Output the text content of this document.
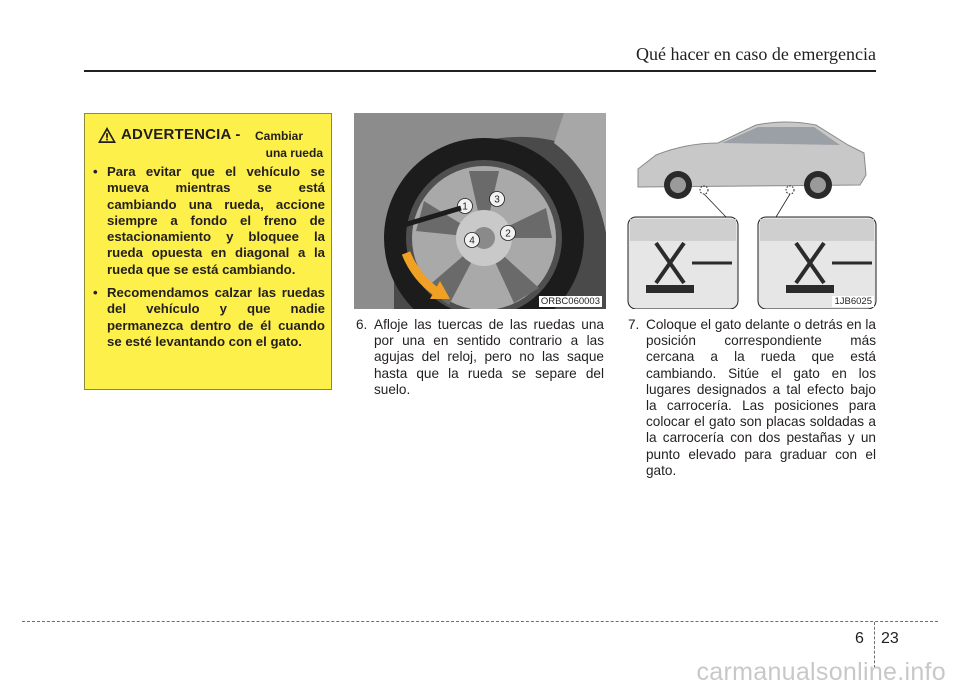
Qué hacer en caso de emergencia
ADVERTENCIA - Cambiar
una rueda
• Para evitar que el vehículo se mueva mientras se está cambiando una rueda, accione siempre a fondo el freno de estacionamiento y bloquee la rueda opuesta en diagonal a la rueda que se está cambiando.
• Recomendamos calzar las ruedas del vehículo y que nadie permanezca dentro de él cuando se esté levantando con el gato.
1
2
3
4
ORBC060003	1JB6025
6. Afloje las tuercas de las ruedas una por una en sentido contrario a las agujas del reloj, pero no las saque hasta que la rueda se separe del suelo.
7. Coloque el gato delante o detrás en la posición correspondiente más cercana a la rueda que está cambiando. Sitúe el gato en los lugares designados a tal efecto bajo la carrocería. Las posiciones para colocar el gato son placas soldadas a la carrocería con dos pestañas y un punto elevado para graduar con el gato.
6 23
carmanualsonline.info
